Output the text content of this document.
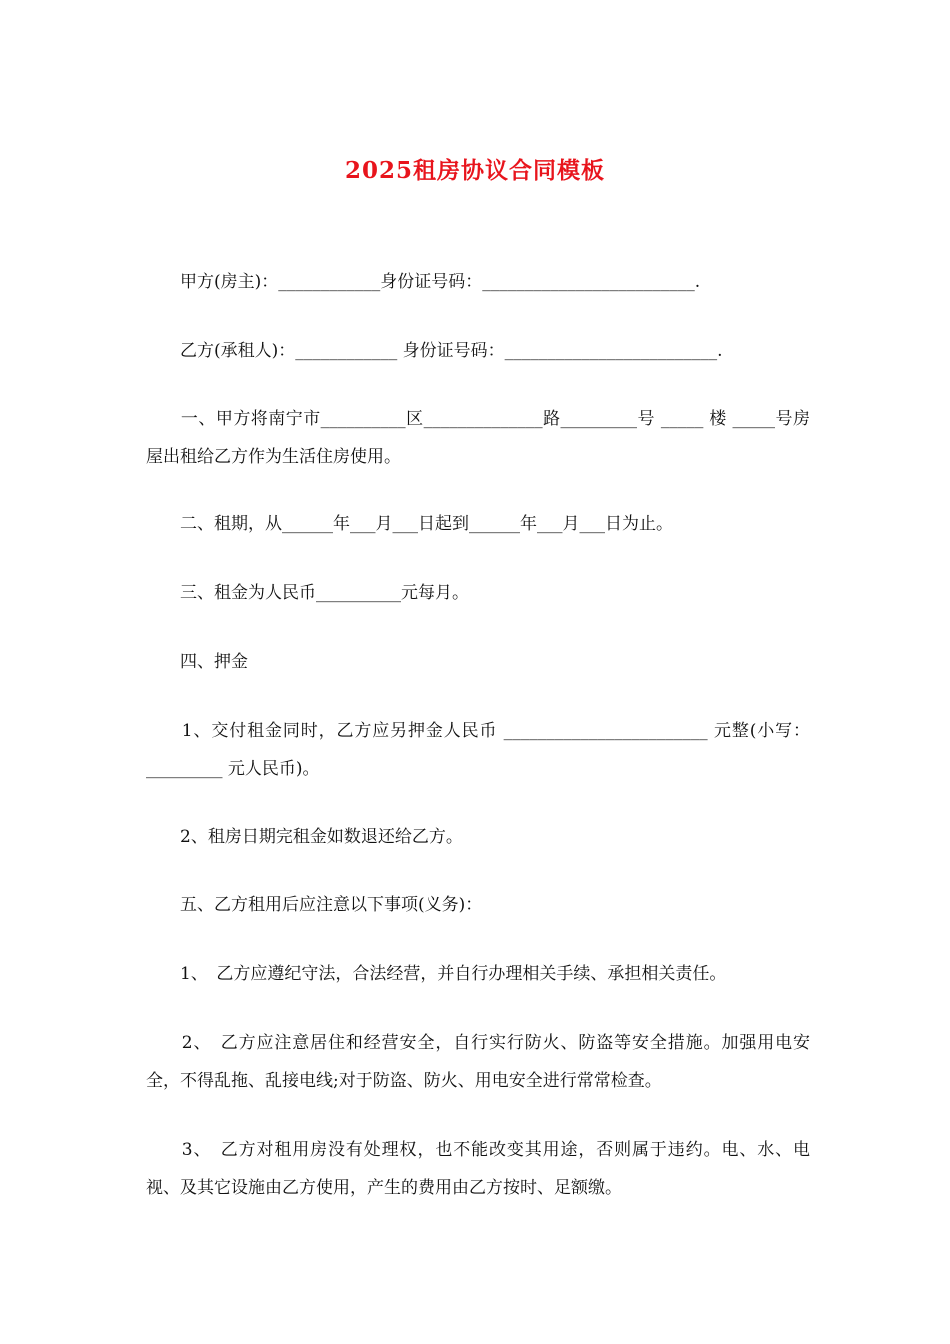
2025租房协议合同模板

　　甲方(房主)：____________身份证号码：_________________________.

　　乙方(承租人)：____________ 身份证号码：_________________________.

　　一、甲方将南宁市__________区______________路_________号 _____ 楼 _____号房屋出租给乙方作为生活住房使用。

　　二、租期，从______年___月___日起到______年___月___日为止。

　　三、租金为人民币__________元每月。

　　四、押金

　　1、交付租金同时，乙方应另押金人民币 ________________________ 元整(小写：_________ 元人民币)。

　　2、租房日期完租金如数退还给乙方。

　　五、乙方租用后应注意以下事项(义务)：

　　1、　乙方应遵纪守法，合法经营，并自行办理相关手续、承担相关责任。

　　2、　乙方应注意居住和经营安全，自行实行防火、防盗等安全措施。加强用电安全，不得乱拖、乱接电线;对于防盗、防火、用电安全进行常常检查。

　　3、　乙方对租用房没有处理权，也不能改变其用途，否则属于违约。电、水、电视、及其它设施由乙方使用，产生的费用由乙方按时、足额缴。
